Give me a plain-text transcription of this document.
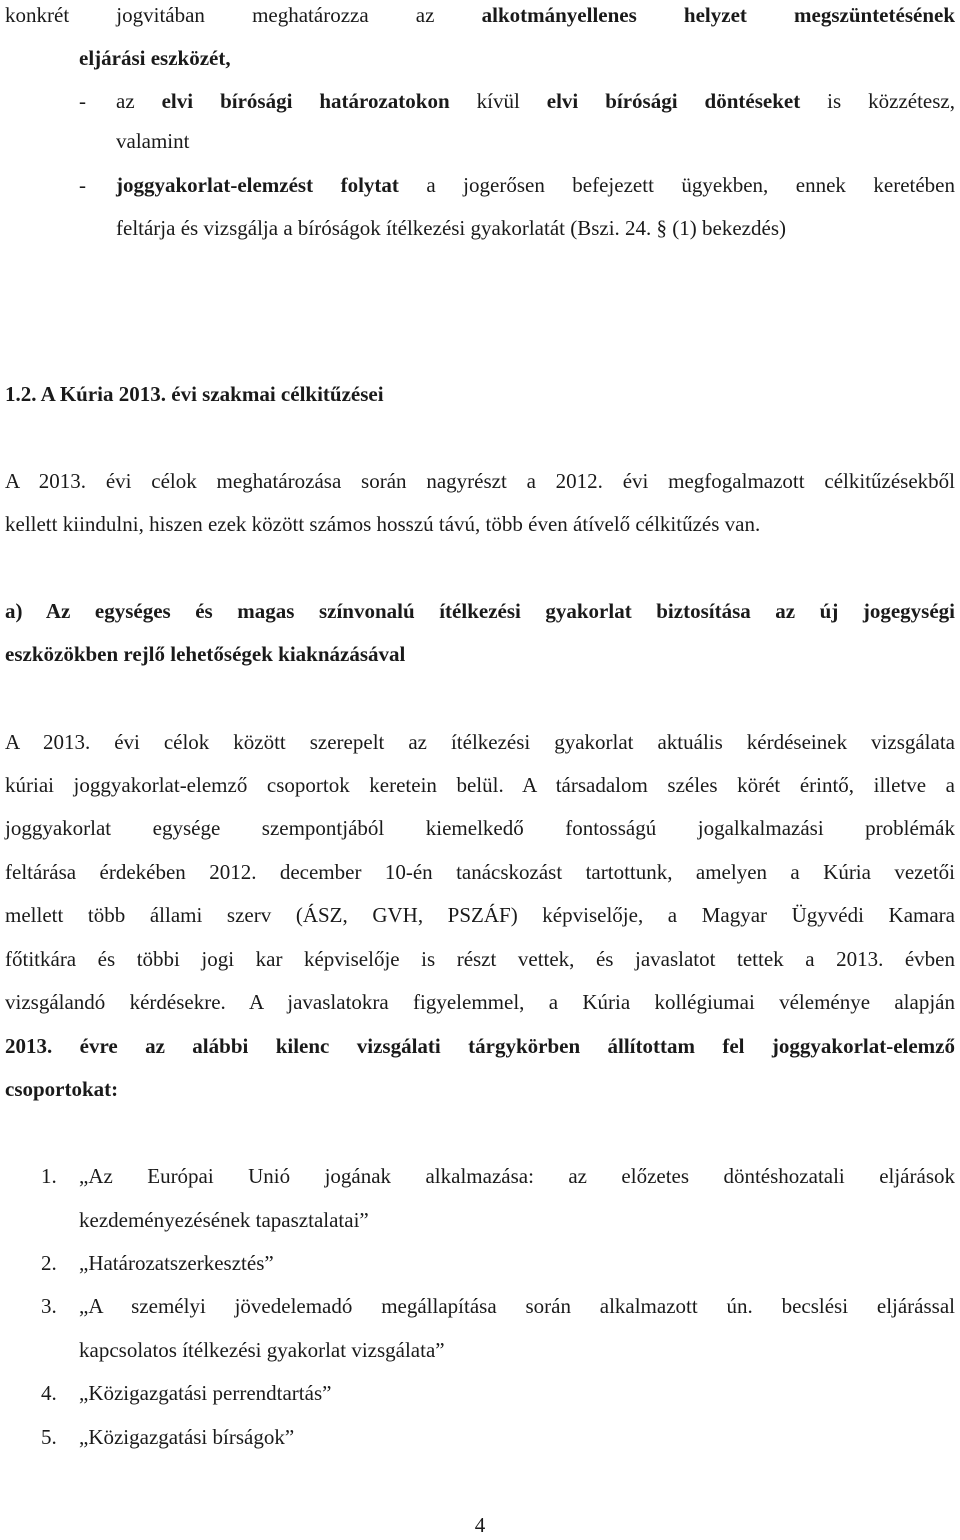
konkrét jogvitában meghatározza az alkotmányellenes helyzet megszüntetésének
eljárási eszközét,
- az elvi bírósági határozatokon kívül elvi bírósági döntéseket is közzétesz,
valamint
- joggyakorlat-elemzést folytat a jogerősen befejezett ügyekben, ennek keretében
feltárja és vizsgálja a bíróságok ítélkezési gyakorlatát (Bszi. 24. § (1) bekezdés)
1.2. A Kúria 2013. évi szakmai célkitűzései
A 2013. évi célok meghatározása során nagyrészt a 2012. évi megfogalmazott célkitűzésekből
kellett kiindulni, hiszen ezek között számos hosszú távú, több éven átívelő célkitűzés van.
a) Az egységes és magas színvonalú ítélkezési gyakorlat biztosítása az új jogegységi
eszközökben rejlő lehetőségek kiaknázásával
A 2013. évi célok között szerepelt az ítélkezési gyakorlat aktuális kérdéseinek vizsgálata
kúriai joggyakorlat-elemző csoportok keretein belül. A társadalom széles körét érintő, illetve a
joggyakorlat egysége szempontjából kiemelkedő fontosságú jogalkalmazási problémák
feltárása érdekében 2012. december 10-én tanácskozást tartottunk, amelyen a Kúria vezetői
mellett több állami szerv (ÁSZ, GVH, PSZÁF) képviselője, a Magyar Ügyvédi Kamara
főtitkára és többi jogi kar képviselője is részt vettek, és javaslatot tettek a 2013. évben
vizsgálandó kérdésekre. A javaslatokra figyelemmel, a Kúria kollégiumai véleménye alapján
2013. évre az alábbi kilenc vizsgálati tárgykörben állítottam fel joggyakorlat-elemző
csoportokat:
1. „Az Európai Unió jogának alkalmazása: az előzetes döntéshozatali eljárások
kezdeményezésének tapasztalatai”
2. „Határozatszerkesztés”
3. „A személyi jövedelemadó megállapítása során alkalmazott ún. becslési eljárással
kapcsolatos ítélkezési gyakorlat vizsgálata”
4. „Közigazgatási perrendtartás”
5. „Közigazgatási bírságok”
4
